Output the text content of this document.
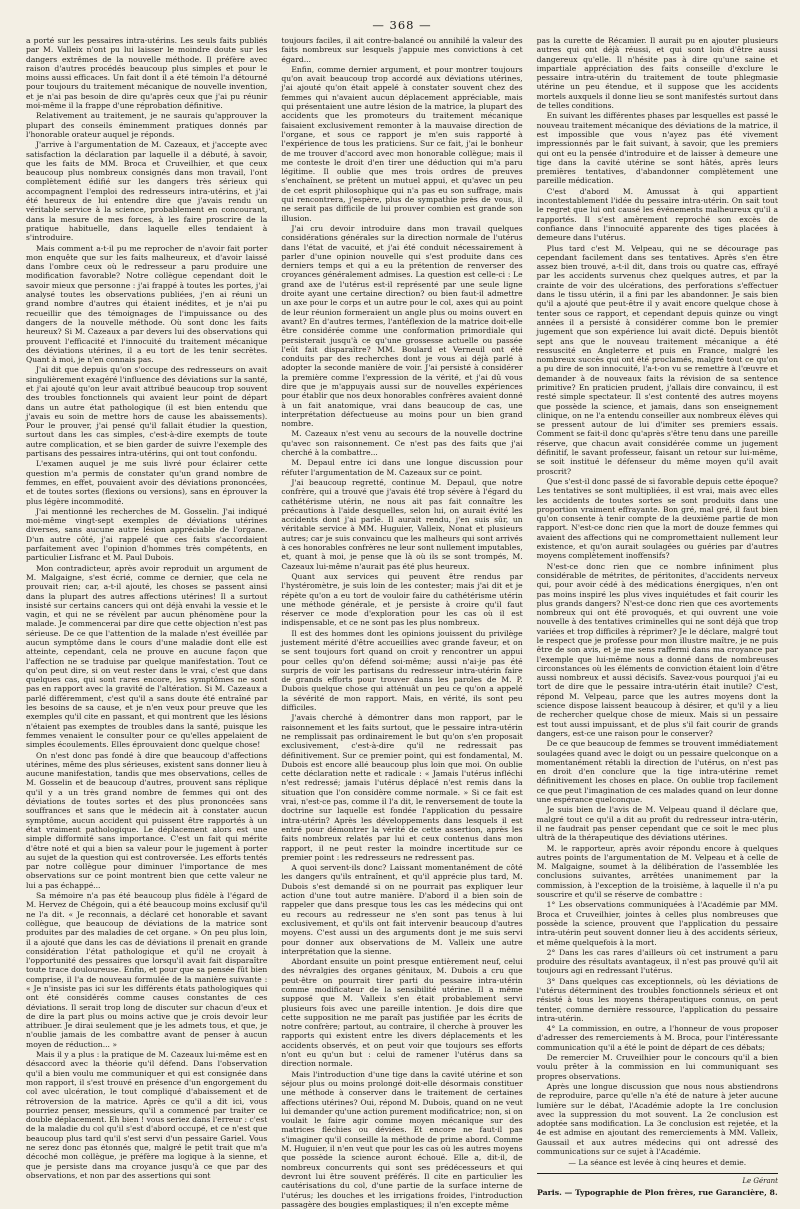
— 368 —

a porté sur les pessaires intra-utérins. Les seuls faits publiés par M. Valleix n'ont pu lui laisser le moindre doute sur les dangers extrêmes de la nouvelle méthode. Il préfère avec raison d'autres procédés beaucoup plus simples et pour le moins aussi efficaces. Un fait dont il a été témoin l'a détourné pour toujours du traitement mécanique de nouvelle invention, et je n'ai pas besoin de dire qu'après ceux que j'ai pu réunir moi-même il la frappe d'une réprobation définitive.

Relativement au traitement, je ne saurais qu'approuver la plupart des conseils éminemment pratiques donnés par l'honorable orateur auquel je réponds.

J'arrive à l'argumentation de M. Cazeaux, et j'accepte avec satisfaction la déclaration par laquelle il a débuté, à savoir, que les faits de MM. Broca et Cruveilhier, et que ceux beaucoup plus nombreux consignés dans mon travail, l'ont complètement édifié sur les dangers très sérieux qui accompagnent l'emploi des redresseurs intra-utérins, et j'ai été heureux de lui entendre dire que j'avais rendu un véritable service à la science, probablement en concourant, dans la mesure de mes forces, à les faire proscrire de la pratique habituelle, dans laquelle elles tendaient à s'introduire.

Mais comment a-t-il pu me reprocher de n'avoir fait porter mon enquête que sur les faits malheureux, et d'avoir laissé dans l'ombre ceux où le redresseur a paru produire une modification favorable? Notre collègue cependant doit le savoir mieux que personne : j'ai frappé à toutes les portes, j'ai analysé toutes les observations publiées, j'en ai réuni un grand nombre d'autres qui étaient inédites, et je n'ai pu recueillir que des témoignages de l'impuissance ou des dangers de la nouvelle méthode. Où sont donc les faits heureux? Si M. Cazeaux a par devers lui des observations qui prouvent l'efficacité et l'innocuité du traitement mécanique des déviations utérines, il a eu tort de les tenir secrètes. Quant à moi, je n'en connais pas.

J'ai dit que depuis qu'on s'occupe des redresseurs on avait singulièrement exagéré l'influence des déviations sur la santé, et j'ai ajouté qu'on leur avait attribué beaucoup trop souvent des troubles fonctionnels qui avaient leur point de départ dans un autre état pathologique (il est bien entendu que j'avais eu soin de mettre hors de cause les abaissements). Pour le prouver, j'ai pensé qu'il fallait étudier la question, surtout dans les cas simples, c'est-à-dire exempts de toute autre complication, et se bien garder de suivre l'exemple des partisans des pessaires intra-utérins, qui ont tout confondu.

L'examen auquel je me suis livré pour éclairer cette question m'a permis de constater qu'un grand nombre de femmes, en effet, pouvaient avoir des déviations prononcées, et de toutes sortes (flexions ou versions), sans en éprouver la plus légère incommodité.

J'ai mentionné les recherches de M. Gosselin. J'ai indiqué moi-même vingt-sept exemples de déviations utérines diverses, sans aucune autre lésion appréciable de l'organe. D'un autre côté, j'ai rappelé que ces faits s'accordaient parfaitement avec l'opinion d'hommes très compétents, en particulier Lisfranc et M. Paul Dubois.

Mon contradicteur, après avoir reproduit un argument de M. Malgaigne, s'est écrié, comme ce dernier, que cela ne prouvait rien; car, a-t-il ajouté, les choses se passent ainsi dans la plupart des autres affections utérines! Il a surtout insisté sur certains cancers qui ont déjà envahi la vessie et le vagin, et qui ne se révèlent par aucun phénomène pour la malade. Je commencerai par dire que cette objection n'est pas sérieuse. De ce que l'attention de la malade n'est éveillée par aucun symptôme dans le cours d'une maladie dont elle est atteinte, cependant, cela ne prouve en aucune façon que l'affection ne se traduise par quelque manifestation. Tout ce qu'on peut dire, si on veut rester dans le vrai, c'est que dans quelques cas, qui sont rares encore, les symptômes ne sont pas en rapport avec la gravité de l'altération. Si M. Cazeaux a parlé différemment, c'est qu'il a sans doute été entraîné par les besoins de sa cause, et je n'en veux pour preuve que les exemples qu'il cite en passant, et qui montrent que les lésions n'étaient pas exemptes de troubles dans la santé, puisque les femmes venaient le consulter pour ce qu'elles appelaient de simples écoulements. Elles éprouvaient donc quelque chose!

On n'est donc pas fondé à dire que beaucoup d'affections utérines, même des plus sérieuses, existent sans donner lieu à aucune manifestation, tandis que mes observations, celles de M. Gosselin et de beaucoup d'autres, prouvent sans réplique qu'il y a un très grand nombre de femmes qui ont des déviations de toutes sortes et des plus prononcées sans souffrances et sans que le médecin ait à constater aucun symptôme, aucun accident qui puissent être rapportés à un état vraiment pathologique. Le déplacement alors est une simple difformité sans importance. C'est un fait qui mérite d'être noté et qui a bien sa valeur pour le jugement à porter au sujet de la question qui est controversée. Les efforts tentés par notre collègue pour diminuer l'importance de mes observations sur ce point montrent bien que cette valeur ne lui a pas échappé...

Sa mémoire n'a pas été beaucoup plus fidèle à l'égard de M. Hervez de Chégoin, qui a été beaucoup moins exclusif qu'il ne l'a dit. « Je reconnais, a déclaré cet honorable et savant collègue, que beaucoup de déviations de la matrice sont produites par des maladies de cet organe. » On peu plus loin, il a ajouté que dans les cas de déviations il prenait en grande considération l'état pathologique et qu'il ne croyait à l'opportunité des pessaires que lorsqu'il avait fait disparaître toute trace douloureuse. Enfin, et pour que sa pensée fût bien comprise, il l'a de nouveau formulée de la manière suivante : « Je n'insiste pas ici sur les différents états pathologiques qui ont été considérés comme causes constantes de ces déviations. Il serait trop long de discuter sur chacun d'eux et de dire la part plus ou moins active que je crois devoir leur attribuer. Je dirai seulement que je les admets tous, et que, je n'oublie jamais de les combattre avant de penser à aucun moyen de réduction... »

Mais il y a plus : la pratique de M. Cazeaux lui-même est en désaccord avec la théorie qu'il défend. Dans l'observation qu'il a bien voulu me communiquer et qui est consignée dans mon rapport, il s'est trouvé en présence d'un engorgement du col avec ulcération, le tout compliqué d'abaissement et de rétroversion de la matrice. Après ce qu'il a dit ici, vous pourriez penser, messieurs, qu'il a commencé par traiter ce double déplacement. Eh bien ! vous seriez dans l'erreur : c'est de la maladie du col qu'il s'est d'abord occupé, et ce n'est que beaucoup plus tard qu'il s'est servi d'un pessaire Gariel. Vous ne serez donc pas étonnés que, malgré le petit trait que m'a décoché mon collègue, je préfère ma logique à la sienne, et que je persiste dans ma croyance jusqu'à ce que par des observations, et non par des assertions qui sont

toujours faciles, il ait contre-balancé ou annihilé la valeur des faits nombreux sur lesquels j'appuie mes convictions à cet égard...

Enfin, comme dernier argument, et pour montrer toujours qu'on avait beaucoup trop accordé aux déviations utérines, j'ai ajouté qu'on était appelé à constater souvent chez des femmes qui n'avaient aucun déplacement appréciable, mais qui présentaient une autre lésion de la matrice, la plupart des accidents que les promoteurs du traitement mécanique faisaient exclusivement remonter à la mauvaise direction de l'organe, et sous ce rapport je m'en suis rapporté à l'expérience de tous les praticiens. Sur ce fait, j'ai le bonheur de me trouver d'accord avec mon honorable collègue; mais il me conteste le droit d'en tirer une déduction qui m'a paru légitime. Il oublie que mes trois ordres de preuves s'enchaînent, se prêtent un mutuel appui, et qu'avec un peu de cet esprit philosophique qui n'a pas eu son suffrage, mais qui rencontrera, j'espère, plus de sympathie près de vous, il ne serait pas difficile de lui prouver combien est grande son illusion.

J'ai cru devoir introduire dans mon travail quelques considérations générales sur la direction normale de l'utérus dans l'état de vacuité, et j'ai été conduit nécessairement à parler d'une opinion nouvelle qui s'est produite dans ces derniers temps et qui a eu la prétention de renverser des croyances généralement admises. La question est celle-ci : Le grand axe de l'utérus est-il représenté par une seule ligne droite ayant une certaine direction? ou bien faut-il admettre un axe pour le corps et un autre pour le col, axes qui au point de leur réunion formeraient un angle plus ou moins ouvert en avant? En d'autres termes, l'antéflexion de la matrice doit-elle être considérée comme une conformation primordiale qui persisterait jusqu'à ce qu'une grossesse actuelle ou passée l'eût fait disparaître? MM. Boulard et Verneuil ont été conduits par des recherches dont je vous ai déjà parlé à adopter la seconde manière de voir. J'ai persisté à considérer la première comme l'expression de la vérité, et j'ai dû vous dire que je m'appuyais aussi sur de nouvelles expériences pour établir que nos deux honorables confrères avaient donné à un fait anatomique, vrai dans beaucoup de cas, une interprétation défectueuse au moins pour un bien grand nombre.

M. Cazeaux n'est venu au secours de la nouvelle doctrine qu'avec son raisonnement. Ce n'est pas des faits que j'ai cherché à la combattre...

M. Depaul entre ici dans une longue discussion pour réfuter l'argumentation de M. Cazeaux sur ce point.

J'ai beaucoup regretté, continue M. Depaul, que notre confrère, qui a trouvé que j'avais été trop sévère à l'égard du cathétérisme utérin, ne nous ait pas fait connaître les précautions à l'aide desquelles, selon lui, on aurait évité les accidents dont j'ai parlé. Il aurait rendu, j'en suis sûr, un véritable service à MM. Huguier, Valleix, Nonat et plusieurs autres; car je suis convaincu que les malheurs qui sont arrivés à ces honorables confrères ne leur sont nullement imputables, et, quant à moi, je pense que là où ils se sont trompés, M. Cazeaux lui-même n'aurait pas été plus heureux.

Quant aux services qui peuvent être rendus par l'hystéromètre, je suis loin de les contester; mais j'ai dit et je répète qu'on a eu tort de vouloir faire du cathétérisme utérin une méthode générale, et je persiste à croire qu'il faut réserver ce mode d'exploration pour les cas où il est indispensable, et ce ne sont pas les plus nombreux.

Il est des hommes dont les opinions jouissent du privilège justement mérité d'être accueillies avec grande faveur, et on se sent toujours fort quand on croit y rencontrer un appui pour celles qu'on défend soi-même; aussi n'ai-je pas été surpris de voir les partisans du redresseur intra-utérin faire de grands efforts pour trouver dans les paroles de M. P. Dubois quelque chose qui atténuât un peu ce qu'on a appelé la sévérité de mon rapport. Mais, en vérité, ils sont peu difficiles.

J'avais cherché à démontrer dans mon rapport, par le raisonnement et les faits surtout, que le pessaire intra-utérin ne remplissait pas ordinairement le but qu'on s'en proposait exclusivement, c'est-à-dire qu'il ne redressait pas définitivement. Sur ce premier point, qui est fondamental, M. Dubois est encore allé beaucoup plus loin que moi. On oublie cette déclaration nette et radicale : « Jamais l'utérus infléchi n'est redressé; jamais l'utérus déplacé n'est remis dans la situation que l'on considère comme normale. » Si ce fait est vrai, n'est-ce pas, comme il l'a dit, le renversement de toute la doctrine sur laquelle est fondée l'application du pessaire intra-utérin? Après les développements dans lesquels il est entré pour démontrer la vérité de cette assertion, après les faits nombreux relatés par lui et ceux contenus dans mon rapport, il ne peut rester la moindre incertitude sur ce premier point : les redresseurs ne redressent pas.

A quoi servent-ils donc? Laissant momentanément de côté les dangers qu'ils entraînent, et qu'il apprécie plus tard, M. Dubois s'est demandé si on ne pourrait pas expliquer leur action d'une tout autre manière. D'abord il a bien soin de rappeler que dans presque tous les cas les médecins qui ont eu recours au redresseur ne s'en sont pas tenus à lui exclusivement, et qu'ils ont fait intervenir beaucoup d'autres moyens. C'est aussi un des arguments dont je me suis servi pour donner aux observations de M. Valleix une autre interprétation que la sienne.

Abordant ensuite un point presque entièrement neuf, celui des névralgies des organes génitaux, M. Dubois a cru que peut-être on pourrait tirer parti du pessaire intra-utérin comme modificateur de la sensibilité utérine. Il a même supposé que M. Valleix s'en était probablement servi plusieurs fois avec une pareille intention. Je dois dire que cette supposition ne me paraît pas justifiée par les écrits de notre confrère; partout, au contraire, il cherche à prouver les rapports qui existent entre les divers déplacements et les accidents observés, et on peut voir que toujours ses efforts n'ont eu qu'un but : celui de ramener l'utérus dans sa direction normale.

Mais l'introduction d'une tige dans la cavité utérine et son séjour plus ou moins prolongé doit-elle désormais constituer une méthode à conserver dans le traitement de certaines affections utérines? Oui, répond M. Dubois, quand on ne veut lui demander qu'une action purement modificatrice; non, si on voulait le faire agir comme moyen mécanique sur des matrices fléchies ou déviées. Et encore ne faut-il pas s'imaginer qu'il conseille la méthode de prime abord. Comme M. Huguier, il n'en veut que pour les cas où les autres moyens que possède la science auront échoué. Elle a, dit-il, de nombreux concurrents qui sont ses prédécesseurs et qui devront lui être souvent préférés. Il cite en particulier les cautérisations du col, d'une partie de la surface interne de l'utérus; les douches et les irrigations froides, l'introduction passagère des bougies emplastiques; il n'en excepte même

pas la curette de Récamier. Il aurait pu en ajouter plusieurs autres qui ont déjà réussi, et qui sont loin d'être aussi dangereux qu'elle. Il n'hésite pas à dire qu'une saine et impartiale appréciation des faits conseille d'exclure le pessaire intra-utérin du traitement de toute phlegmasie utérine un peu étendue, et il suppose que les accidents mortels auxquels il donne lieu se sont manifestés surtout dans de telles conditions.

En suivant les différentes phases par lesquelles est passé le nouveau traitement mécanique des déviations de la matrice, il est impossible que vous n'ayez pas été vivement impressionnés par le fait suivant, à savoir, que les premiers qui ont eu la pensée d'introduire et de laisser à demeure une tige dans la cavité utérine se sont hâtés, après leurs premières tentatives, d'abandonner complètement une pareille médication.

C'est d'abord M. Amussat à qui appartient incontestablement l'idée du pessaire intra-utérin. On sait tout le regret que lui ont causé les événements malheureux qu'il a rapportés. Il s'est amèrement reproché son excès de confiance dans l'innocuité apparente des tiges placées à demeure dans l'utérus.

Plus tard c'est M. Velpeau, qui ne se décourage pas cependant facilement dans ses tentatives. Après s'en être assez bien trouvé, a-t-il dit, dans trois ou quatre cas, effrayé par les accidents survenus chez quelques autres, et par la crainte de voir des ulcérations, des perforations s'effectuer dans le tissu utérin, il a fini par les abandonner. Je sais bien qu'il a ajouté que peut-être il y avait encore quelque chose à tenter sous ce rapport, et cependant depuis quinze ou vingt années il a persisté à considérer comme bon le premier jugement que son expérience lui avait dicté. Depuis bientôt sept ans que le nouveau traitement mécanique a été ressuscité en Angleterre et puis en France, malgré les nombreux succès qui ont été proclamés, malgré tout ce qu'on a pu dire de son innocuité, l'a-t-on vu se remettre à l'œuvre et demander à de nouveaux faits la révision de sa sentence primitive? En praticien prudent, j'allais dire convaincu, il est resté simple spectateur. Il s'est contenté des autres moyens que possède la science, et jamais, dans son enseignement clinique, on ne l'a entendu conseiller aux nombreux élèves qui se pressent autour de lui d'imiter ses premiers essais. Comment se fait-il donc qu'après s'être tenu dans une pareille réserve, que chacun avait considérée comme un jugement définitif, le savant professeur, faisant un retour sur lui-même, se soit institué le défenseur du même moyen qu'il avait proscrit?

Que s'est-il donc passé de si favorable depuis cette époque? Les tentatives se sont multipliées, il est vrai, mais avec elles les accidents de toutes sortes se sont produits dans une proportion vraiment effrayante. Bon gré, mal gré, il faut bien qu'on consente à tenir compte de la deuxième partie de mon rapport. N'est-ce donc rien que la mort de douze femmes qui avaient des affections qui ne compromettaient nullement leur existence, et qu'on aurait soulagées ou guéries par d'autres moyens complètement inoffensifs?

N'est-ce donc rien que ce nombre infiniment plus considérable de métrites, de péritonites, d'accidents nerveux qui, pour avoir cédé à des médications énergiques, n'en ont pas moins inspiré les plus vives inquiétudes et fait courir les plus grands dangers? N'est-ce donc rien que ces avortements nombreux qui ont été provoqués, et qui ouvrent une voie nouvelle à des tentatives criminelles qui ne sont déjà que trop variées et trop difficiles à réprimer? Je le déclare, malgré tout le respect que je professe pour mon illustre maître, je ne puis être de son avis, et je me sens raffermi dans ma croyance par l'exemple que lui-même nous a donné dans de nombreuses circonstances où les éléments de conviction étaient loin d'être aussi nombreux et aussi décisifs. Savez-vous pourquoi j'ai eu tort de dire que le pessaire intra-utérin était inutile? C'est, répond M. Velpeau, parce que les autres moyens dont la science dispose laissent beaucoup à désirer, et qu'il y a lieu de rechercher quelque chose de mieux. Mais si un pessaire est tout aussi impuissant, et de plus s'il fait courir de grands dangers, est-ce une raison pour le conserver?

De ce que beaucoup de femmes se trouvent immédiatement soulagées quand avec le doigt ou un pessaire quelconque on a momentanément rétabli la direction de l'utérus, on n'est pas en droit d'en conclure que la tige intra-utérine remet définitivement les choses en place. On oublie trop facilement ce que peut l'imagination de ces malades quand on leur donne une espérance quelconque.

Je suis bien de l'avis de M. Velpeau quand il déclare que, malgré tout ce qu'il a dit au profit du redresseur intra-utérin, il ne faudrait pas penser cependant que ce soit le mec plus ultrà de la thérapeutique des déviations utérines.

M. le rapporteur, après avoir répondu encore à quelques autres points de l'argumentation de M. Velpeau et à celle de M. Malgaigne, soumet à la délibération de l'assemblée les conclusions suivantes, arrêtées unanimement par la commission, à l'exception de la troisième, à laquelle il n'a pu souscrire et qu'il se réserve de combattre :

1° Les observations communiquées à l'Académie par MM. Broca et Cruveilhier, jointes à celles plus nombreuses que possède la science, prouvent que l'application du pessaire intra-utérin peut souvent donner lieu à des accidents sérieux, et même quelquefois à la mort.

2° Dans les cas rares d'ailleurs où cet instrument a paru produire des résultats avantageux, il n'est pas prouvé qu'il ait toujours agi en redressant l'utérus.

3° Dans quelques cas exceptionnels, où les déviations de l'utérus déterminent des troubles fonctionnels sérieux et ont résisté à tous les moyens thérapeutiques connus, on peut tenter, comme dernière ressource, l'application du pessaire intra-utérin.

4° La commission, en outre, a l'honneur de vous proposer d'adresser des remerciements à M. Broca, pour l'intéressante communication qu'il a été le point de départ de ces débats;

De remercier M. Cruveilhier pour le concours qu'il a bien voulu prêter à la commission en lui communiquant ses propres observations.

Après une longue discussion que nous nous abstiendrons de reproduire, parce qu'elle n'a été de nature à jeter aucune lumière sur le débat, l'Académie adopte la 1re conclusion avec la suppression du mot souvent. La 2e conclusion est adoptée sans modification. La 3e conclusion est rejetée, et la 4e est admise en ajoutant des remerciements à MM. Valleix, Gaussail et aux autres médecins qui ont adressé des communications sur ce sujet à l'Académie.

— La séance est levée à cinq heures et demie.
Le Gérant
Paris. — Typographie de Plon frères, rue Garancière, 8.
